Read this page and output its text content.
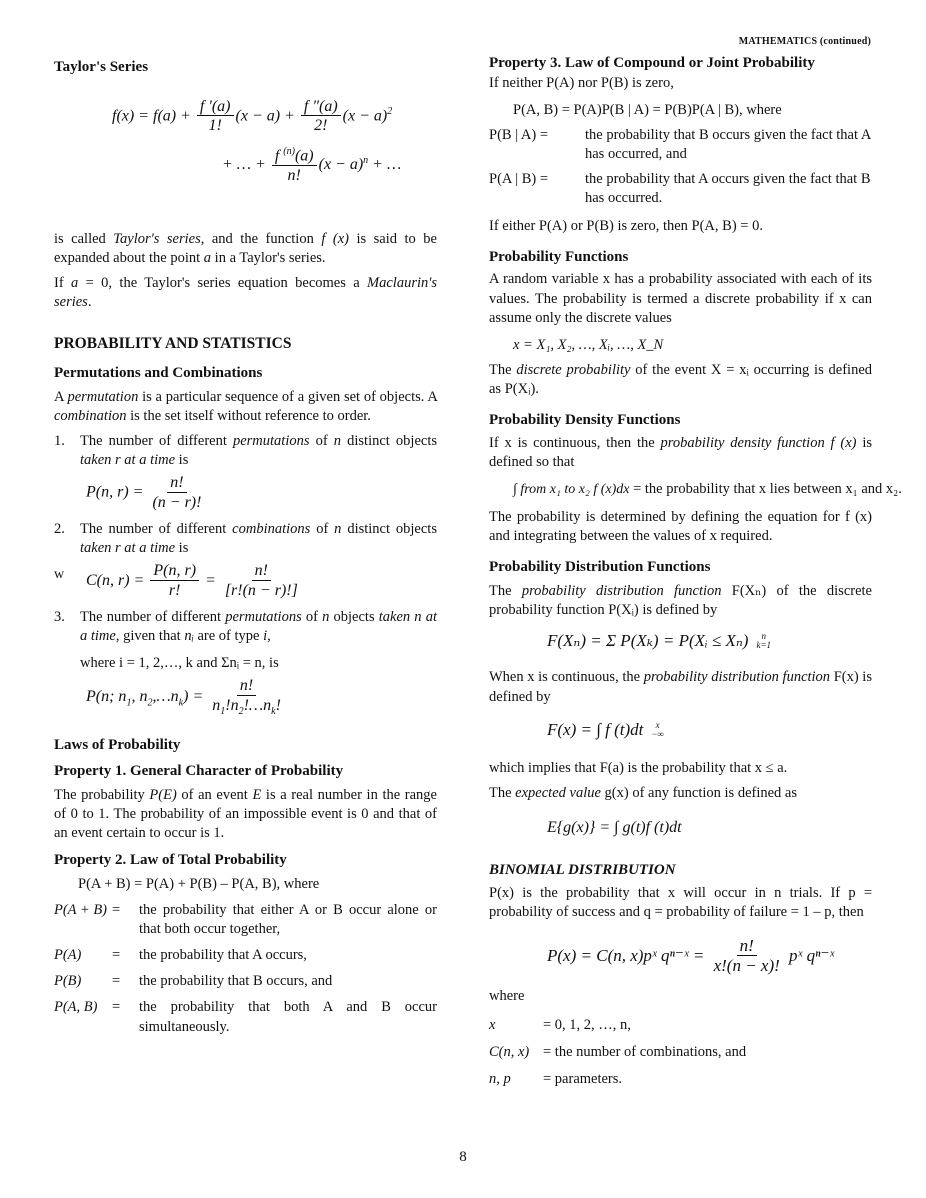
MATHEMATICS (continued)
Taylor's Series
$f(x) = f(a) + \frac{f '(a)}{1!} (x - a) + \frac{f ''(a)}{2!} (x - a)^2$
+ … + $\frac{f ^{(n)}(a)}{n!} (x - a)^n$ + …

is called Taylor's series, and the function f (x) is said to be expanded about the point a in a Taylor's series.

If a = 0, the Taylor's series equation becomes a Maclaurin's series.

PROBABILITY AND STATISTICS
Permutations and Combinations

A permutation is a particular sequence of a given set of objects. A combination is the set itself without reference to order.

1.	The number of different permutations of n distinct objects taken r at a time is

P(n, $r) = \frac{n!}{(n - r)!}$
2.	The number of different combinations of n distinct objects taken r at a time is

w C(n, $r) = \frac{P(n, r)}{r!} = \frac{n!}{[r!(n - r)!]}$
3.	The number of different permutations of n objects taken n at a time, given that nᵢ are of type i,

where i = 1, 2,…, k and Σnᵢ = n, is

P(n; $n_1$, $n_2,\dots n_k) = \frac{n!}{n_1!n_2!\dots n_k!}$
Laws of Probability
Property 1. General Character of Probability

The probability P(E) of an event E is a real number in the range of 0 to 1. The probability of an impossible event is 0 and that of an event certain to occur is 1.

Property 2. Law of Total Probability

P(A + B) = P(A) + P(B) – P(A, B), where

P(A + B) =	the probability that either A or B occur alone or that both occur together,
P(A)	=	the probability that A occurs,
P(B)	=	the probability that B occurs, and
P(A, B)	=	the probability that both A and B occur simultaneously.
Property 3. Law of Compound or Joint Probability

If neither P(A) nor P(B) is zero,

P(A, B) = P(A)P(B | A) = P(B)P(A | B), where

P(B | A) =	the probability that B occurs given the fact that A has occurred, and
P(A | B) =	the probability that A occurs given the fact that B has occurred.

If either P(A) or P(B) is zero, then P(A, B) = 0.

Probability Functions

A random variable x has a probability associated with each of its values. The probability is termed a discrete probability if x can assume only the discrete values

x = X₁, X₂, …, Xᵢ, …, X_N

The discrete probability of the event X = xᵢ occurring is defined as P(Xᵢ).

Probability Density Functions

If x is continuous, then the probability density function f (x) is defined so that

∫ from x₁ to x₂ f (x)dx = the probability that x lies between x₁ and x₂.

The probability is determined by defining the equation for f (x) and integrating between the values of x required.

Probability Distribution Functions

The probability distribution function F(Xₙ) of the discrete probability function P(Xᵢ) is defined by

F(Xₙ) = Σ P(Xₖ) = P(Xᵢ ≤ Xₙ) n
k=1

When x is continuous, the probability distribution function F(x) is defined by

F(x) = ∫ f (t)dt x
−∞

which implies that F(a) is the probability that x ≤ a.

The expected value g(x) of any function is defined as

E{g(x)} = ∫ g(t)f (t)dt

BINOMIAL DISTRIBUTION

P(x) is the probability that x will occur in n trials. If p = probability of success and q = probability of failure = 1 – p, then

P(x) = C(n, x)pˣ qⁿ⁻ˣ = $\frac{n!}{x!(n - x)!}$ pˣ qⁿ⁻ˣ

where

x	= 0, 1, 2, …, n,
C(n, x) = the number of combinations, and
n, p	= parameters.
8
